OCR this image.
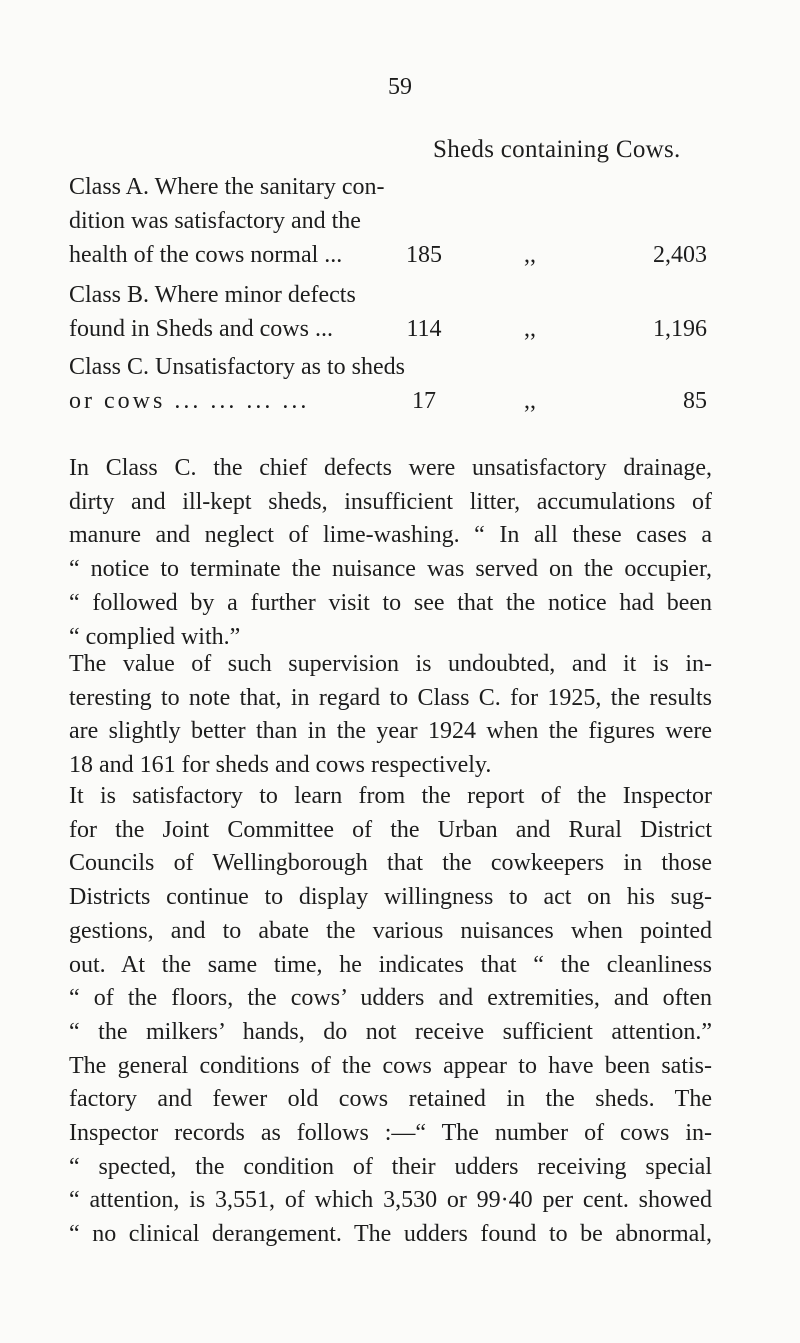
59
Sheds containing Cows.
Class A. Where the sanitary con-
dition was satisfactory and the
health of the cows normal ...	185	,,	2,403
Class B. Where minor defects
found in Sheds and cows ...	114	,,	1,196
Class C. Unsatisfactory as to sheds
or cows ... ... ... ...	17	,,	85
In Class C. the chief defects were unsatisfactory drainage,
dirty and ill-kept sheds, insufficient litter, accumulations of
manure and neglect of lime-washing. “ In all these cases a
“ notice to terminate the nuisance was served on the occupier,
“ followed by a further visit to see that the notice had been
“ complied with.”
The value of such supervision is undoubted, and it is in-
teresting to note that, in regard to Class C. for 1925, the results
are slightly better than in the year 1924 when the figures were
18 and 161 for sheds and cows respectively.
It is satisfactory to learn from the report of the Inspector
for the Joint Committee of the Urban and Rural District
Councils of Wellingborough that the cowkeepers in those
Districts continue to display willingness to act on his sug-
gestions, and to abate the various nuisances when pointed
out. At the same time, he indicates that “ the cleanliness
“ of the floors, the cows’ udders and extremities, and often
“ the milkers’ hands, do not receive sufficient attention.”
The general conditions of the cows appear to have been satis-
factory and fewer old cows retained in the sheds. The
Inspector records as follows :—“ The number of cows in-
“ spected, the condition of their udders receiving special
“ attention, is 3,551, of which 3,530 or 99·40 per cent. showed
“ no clinical derangement. The udders found to be abnormal,
